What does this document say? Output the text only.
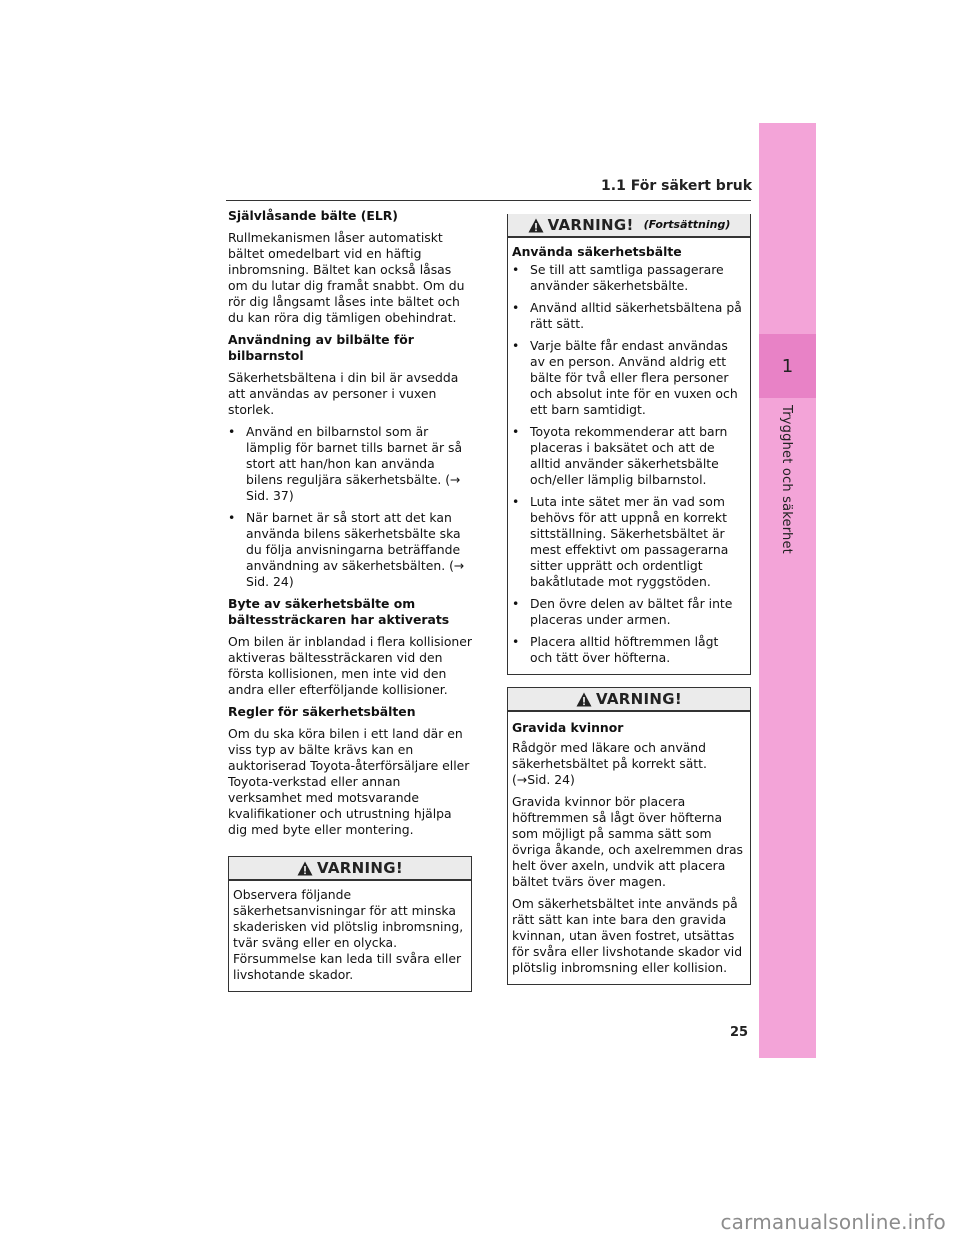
1
Trygghet och säkerhet
1.1 För säkert bruk
Självlåsande bälte (ELR)

Rullmekanismen låser automatiskt bältet omedelbart vid en häftig inbromsning. Bältet kan också låsas om du lutar dig framåt snabbt. Om du rör dig långsamt låses inte bältet och du kan röra dig tämligen obehindrat.

Användning av bilbälte för bilbarnstol

Säkerhetsbältena i din bil är avsedda att användas av personer i vuxen storlek.

• Använd en bilbarnstol som är lämplig för barnet tills barnet är så stort att han/hon kan använda bilens reguljära säkerhetsbälte. (→ Sid. 37)
• När barnet är så stort att det kan använda bilens säkerhetsbälte ska du följa anvisningarna beträffande användning av säkerhetsbälten. (→ Sid. 24)
Byte av säkerhetsbälte om bältessträckaren har aktiverats

Om bilen är inblandad i flera kollisioner aktiveras bältessträckaren vid den första kollisionen, men inte vid den andra eller efterföljande kollisioner.

Regler för säkerhetsbälten

Om du ska köra bilen i ett land där en viss typ av bälte krävs kan en auktoriserad Toyota-återförsäljare eller Toyota-verkstad eller annan verksamhet med motsvarande kvalifikationer och utrustning hjälpa dig med byte eller montering.

VARNING!

Observera följande säkerhetsanvisningar för att minska skaderisken vid plötslig inbromsning, tvär sväng eller en olycka. Försummelse kan leda till svåra eller livshotande skador.

VARNING! (Fortsättning)
Använda säkerhetsbälte
• Se till att samtliga passagerare använder säkerhetsbälte.
• Använd alltid säkerhetsbältena på rätt sätt.
• Varje bälte får endast användas av en person. Använd aldrig ett bälte för två eller flera personer och absolut inte för en vuxen och ett barn samtidigt.
• Toyota rekommenderar att barn placeras i baksätet och att de alltid använder säkerhetsbälte och/eller lämplig bilbarnstol.
• Luta inte sätet mer än vad som behövs för att uppnå en korrekt sittställning. Säkerhetsbältet är mest effektivt om passagerarna sitter upprätt och ordentligt bakåtlutade mot ryggstöden.
• Den övre delen av bältet får inte placeras under armen.
• Placera alltid höftremmen lågt och tätt över höfterna.
VARNING!
Gravida kvinnor

Rådgör med läkare och använd säkerhetsbältet på korrekt sätt. (→Sid. 24)

Gravida kvinnor bör placera höftremmen så lågt över höfterna som möjligt på samma sätt som övriga åkande, och axelremmen dras helt över axeln, undvik att placera bältet tvärs över magen.

Om säkerhetsbältet inte används på rätt sätt kan inte bara den gravida kvinnan, utan även fostret, utsättas för svåra eller livshotande skador vid plötslig inbromsning eller kollision.

25
carmanualsonline.info
